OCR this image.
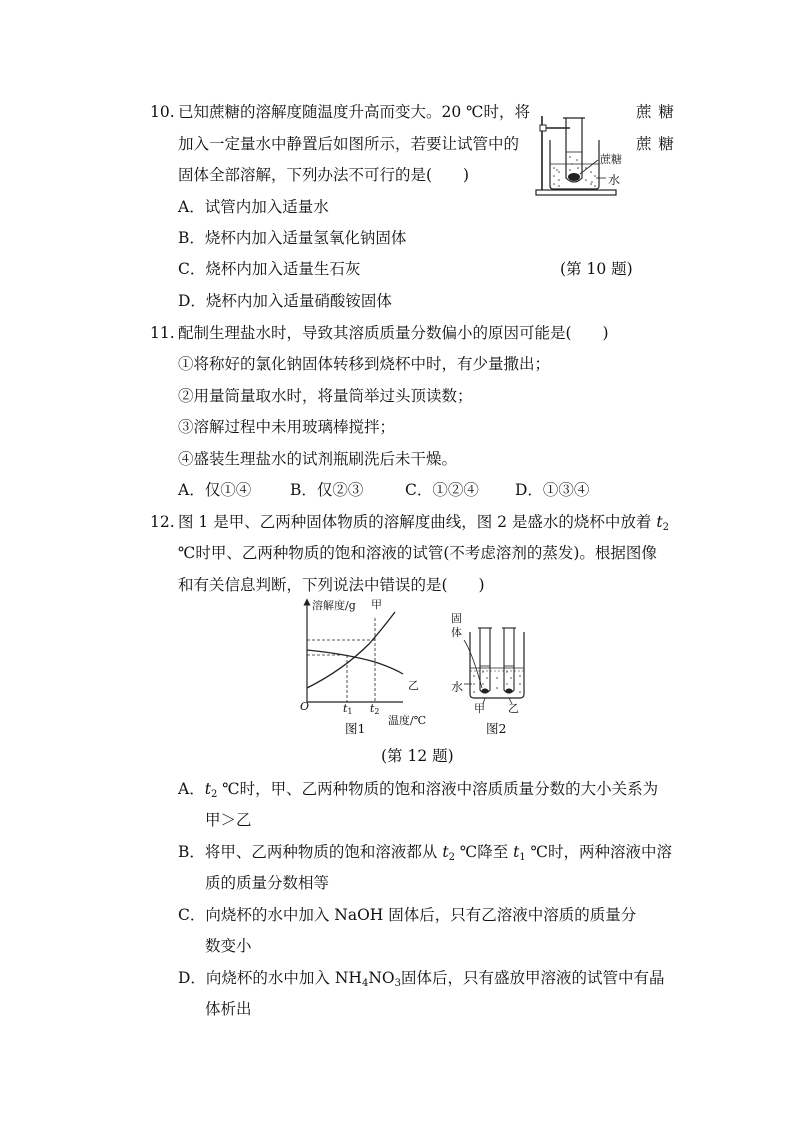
10. 已知蔗糖的溶解度随温度升高而变大。20 ℃时，将	蔗 糖
加入一定量水中静置后如图所示，若要让试管中的	蔗 糖
固体全部溶解，下列办法不可行的是(　　)
A．试管内加入适量水
B．烧杯内加入适量氢氧化钠固体
C．烧杯内加入适量生石灰	(第 10 题)
D．烧杯内加入适量硝酸铵固体
蔗糖
水
11. 配制生理盐水时，导致其溶质质量分数偏小的原因可能是(　　)
①将称好的氯化钠固体转移到烧杯中时，有少量撒出；
②用量筒量取水时，将量筒举过头顶读数；
③溶解过程中未用玻璃棒搅拌；
④盛装生理盐水的试剂瓶刷洗后未干燥。
A．仅①④	B．仅②③	C．①②④ D．①③④
12. 图 1 是甲、乙两种固体物质的溶解度曲线，图 2 是盛水的烧杯中放着 $t_2$
℃时甲、乙两种物质的饱和溶液的试管(不考虑溶剂的蒸发)。根据图像
和有关信息判断，下列说法中错误的是(　　)
溶解度/g 甲
乙
O	t1 t2
温度/℃
图1
固
体
水
甲 乙
图2
(第 12 题)
A．$t_2$ ℃时，甲、乙两种物质的饱和溶液中溶质质量分数的大小关系为
甲＞乙
B．将甲、乙两种物质的饱和溶液都从 $t_2$ ℃降至 $t_1$ ℃时，两种溶液中溶
质的质量分数相等
C．向烧杯的水中加入 NaOH 固体后，只有乙溶液中溶质的质量分
数变小
D．向烧杯的水中加入 $NH_4NO_3$固体后，只有盛放甲溶液的试管中有晶
体析出
